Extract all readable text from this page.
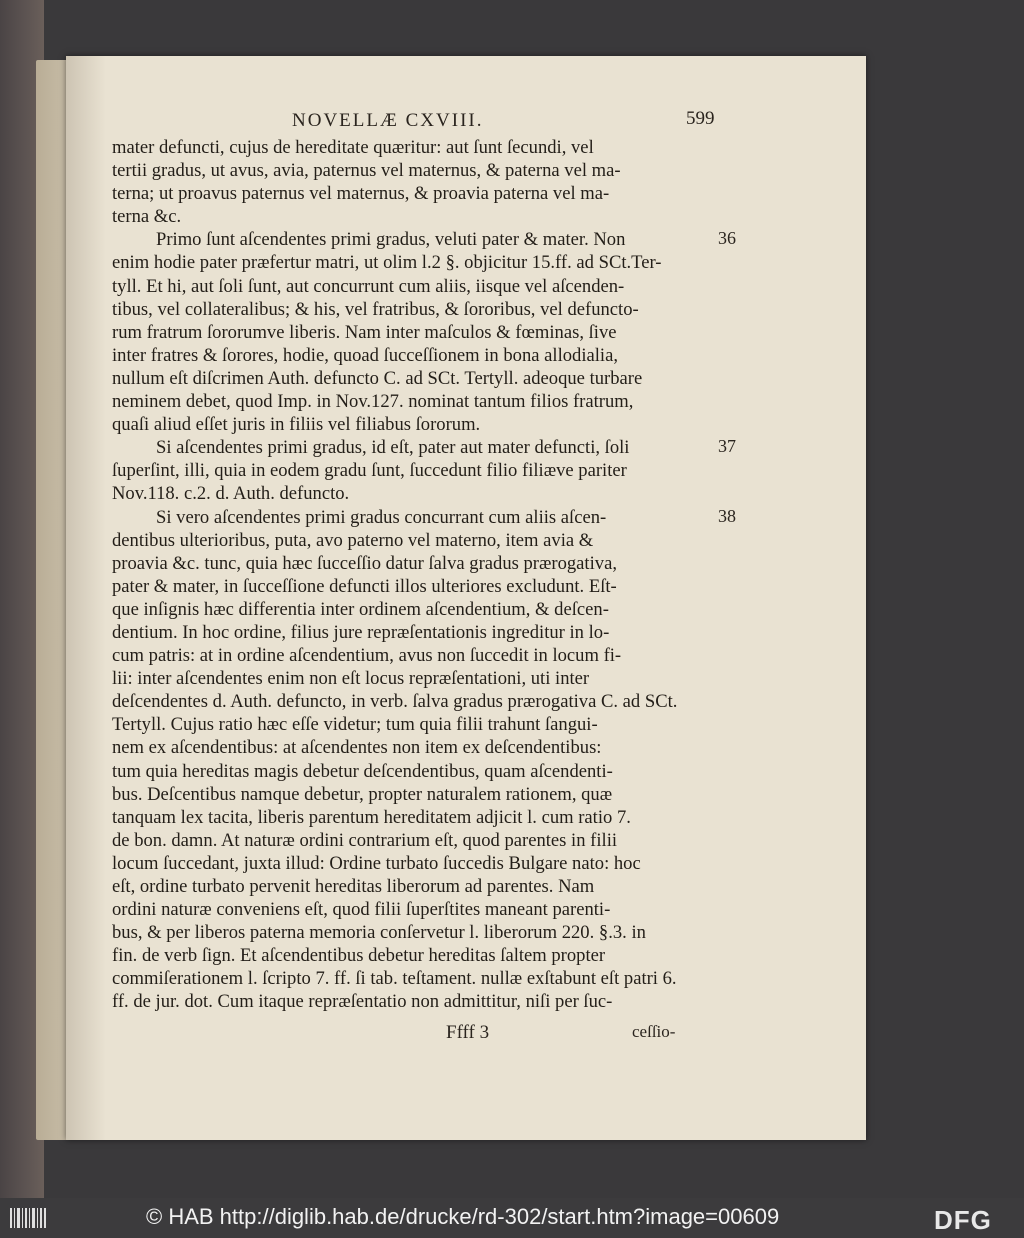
NOVELLÆ CXVIII.	599
mater defuncti, cujus de hereditate quæritur: aut ſunt ſecundi, vel
tertii gradus, ut avus, avia, paternus vel maternus, & paterna vel ma-
terna; ut proavus paternus vel maternus, & proavia paterna vel ma-
terna &c.
Primo ſunt aſcendentes primi gradus, veluti pater & mater. Non
enim hodie pater præfertur matri, ut olim l.2 §. objicitur 15.ff. ad SCt.Ter-
tyll. Et hi, aut ſoli ſunt, aut concurrunt cum aliis, iisque vel aſcenden-
tibus, vel collateralibus; & his, vel fratribus, & ſororibus, vel defuncto-
rum fratrum ſororumve liberis. Nam inter maſculos & fœminas, ſive
inter fratres & ſorores, hodie, quoad ſucceſſionem in bona allodialia,
nullum eſt diſcrimen Auth. defuncto C. ad SCt. Tertyll. adeoque turbare
neminem debet, quod Imp. in Nov.127. nominat tantum filios fratrum,
quaſi aliud eſſet juris in filiis vel filiabus ſororum.
Si aſcendentes primi gradus, id eſt, pater aut mater defuncti, ſoli
ſuperſint, illi, quia in eodem gradu ſunt, ſuccedunt filio filiæve pariter
Nov.118. c.2. d. Auth. defuncto.
Si vero aſcendentes primi gradus concurrant cum aliis aſcen-
dentibus ulterioribus, puta, avo paterno vel materno, item avia &
proavia &c. tunc, quia hæc ſucceſſio datur ſalva gradus prærogativa,
pater & mater, in ſucceſſione defuncti illos ulteriores excludunt. Eſt-
que inſignis hæc differentia inter ordinem aſcendentium, & deſcen-
dentium. In hoc ordine, filius jure repræſentationis ingreditur in lo-
cum patris: at in ordine aſcendentium, avus non ſuccedit in locum fi-
lii: inter aſcendentes enim non eſt locus repræſentationi, uti inter
deſcendentes d. Auth. defuncto, in verb. ſalva gradus prærogativa C. ad SCt.
Tertyll. Cujus ratio hæc eſſe videtur; tum quia filii trahunt ſangui-
nem ex aſcendentibus: at aſcendentes non item ex deſcendentibus:
tum quia hereditas magis debetur deſcendentibus, quam aſcendenti-
bus. Deſcentibus namque debetur, propter naturalem rationem, quæ
tanquam lex tacita, liberis parentum hereditatem adjicit l. cum ratio 7.
de bon. damn. At naturæ ordini contrarium eſt, quod parentes in filii
locum ſuccedant, juxta illud: Ordine turbato ſuccedis Bulgare nato: hoc
eſt, ordine turbato pervenit hereditas liberorum ad parentes. Nam
ordini naturæ conveniens eſt, quod filii ſuperſtites maneant parenti-
bus, & per liberos paterna memoria conſervetur l. liberorum 220. §.3. in
fin. de verb ſign. Et aſcendentibus debetur hereditas ſaltem propter
commiſerationem l. ſcripto 7. ff. ſi tab. teſtament. nullæ exſtabunt eſt patri 6.
ff. de jur. dot. Cum itaque repræſentatio non admittitur, niſi per ſuc-
36
37
38
Ffff 3	ceſſio-
© HAB http://diglib.hab.de/drucke/rd-302/start.htm?image=00609	DFG
